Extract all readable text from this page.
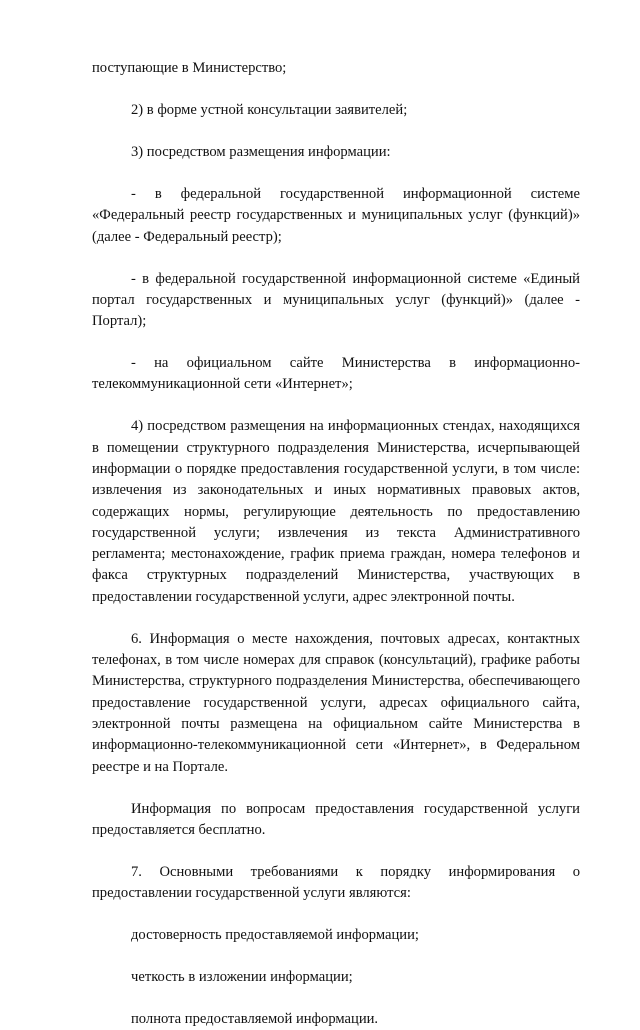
поступающие в Министерство;

2) в форме устной консультации заявителей;

3) посредством размещения информации:

- в федеральной государственной информационной системе «Федеральный реестр государственных и муниципальных услуг (функций)» (далее - Федеральный реестр);

- в федеральной государственной информационной системе «Единый портал государственных и муниципальных услуг (функций)» (далее - Портал);

- на официальном сайте Министерства в информационно-телекоммуникационной сети «Интернет»;

4) посредством размещения на информационных стендах, находящихся в помещении структурного подразделения Министерства, исчерпывающей информации о порядке предоставления государственной услуги, в том числе: извлечения из законодательных и иных нормативных правовых актов, содержащих нормы, регулирующие деятельность по предоставлению государственной услуги; извлечения из текста Административного регламента; местонахождение, график приема граждан, номера телефонов и факса структурных подразделений Министерства, участвующих в предоставлении государственной услуги, адрес электронной почты.

6. Информация о месте нахождения, почтовых адресах, контактных телефонах, в том числе номерах для справок (консультаций), графике работы Министерства, структурного подразделения Министерства, обеспечивающего предоставление государственной услуги, адресах официального сайта, электронной почты размещена на официальном сайте Министерства в информационно-телекоммуникационной сети «Интернет», в Федеральном реестре и на Портале.

Информация по вопросам предоставления государственной услуги предоставляется бесплатно.

7. Основными требованиями к порядку информирования о предоставлении государственной услуги являются:

достоверность предоставляемой информации;

четкость в изложении информации;

полнота предоставляемой информации.
